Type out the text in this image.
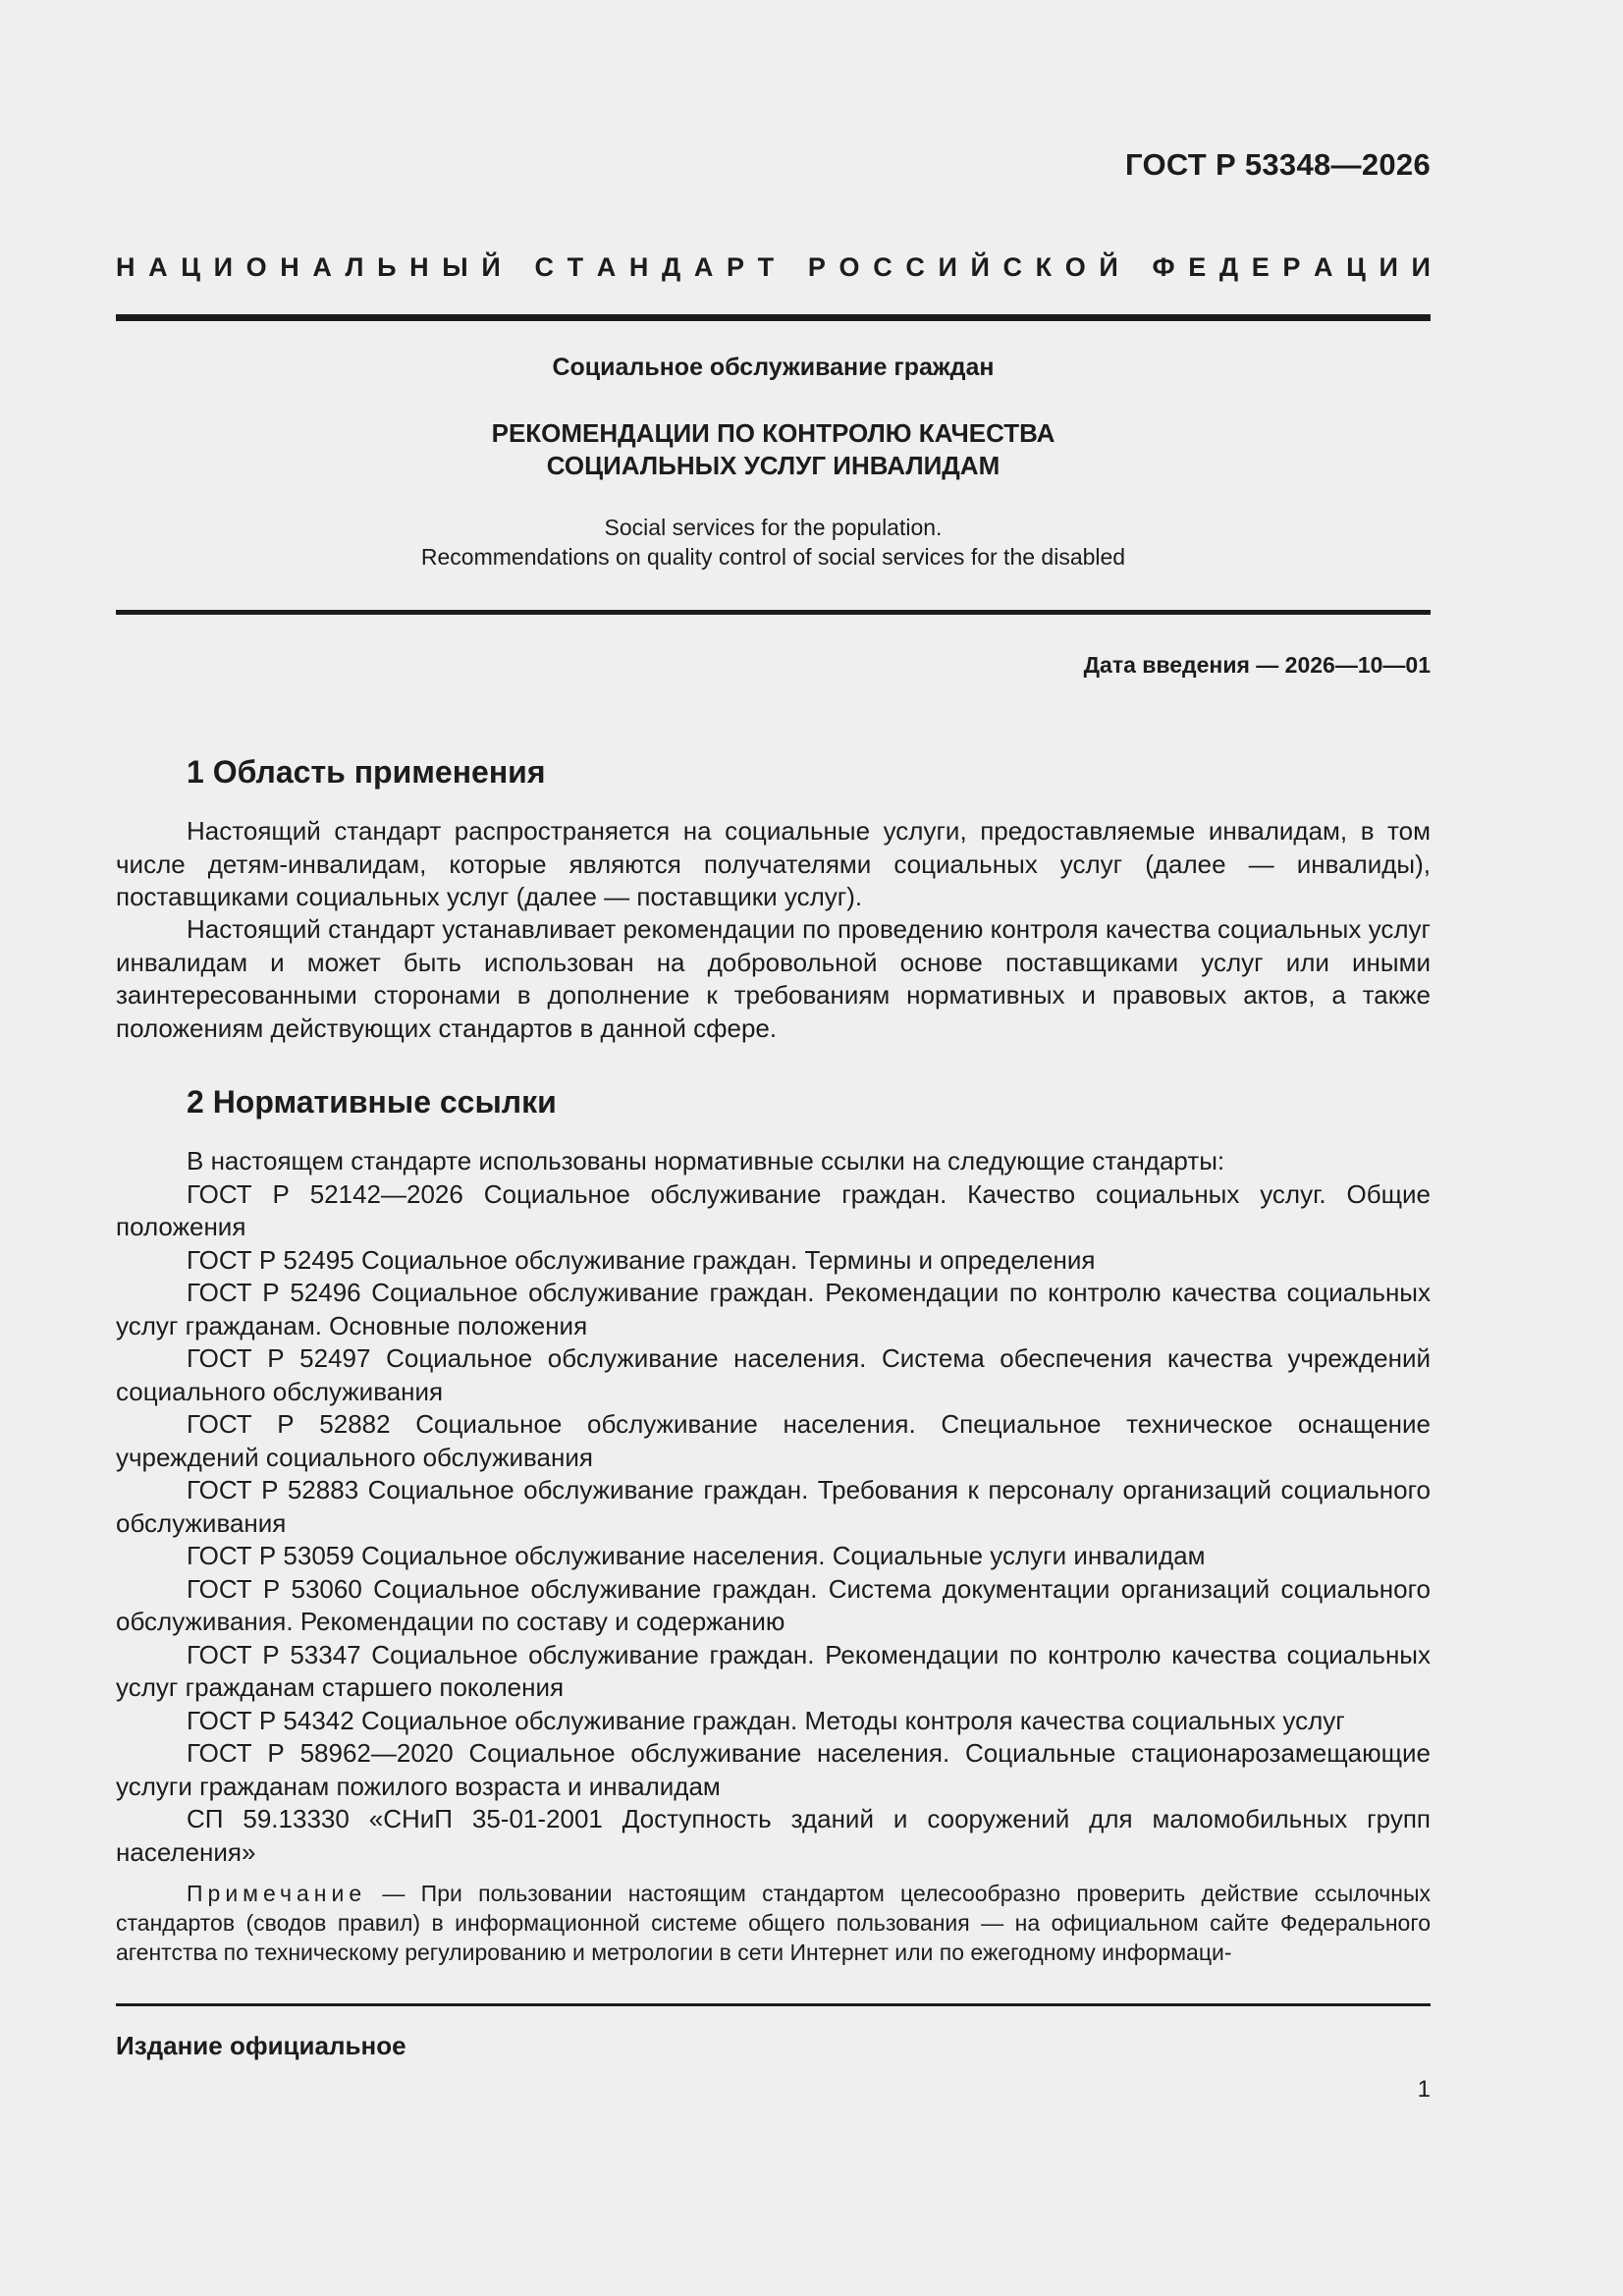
ГОСТ Р 53348—2026
Н А Ц И О Н А Л Ь Н Ы Й
С Т А Н Д А Р Т
Р О С С И Й С К О Й
Ф Е Д Е Р А Ц И И
Социальное обслуживание граждан
РЕКОМЕНДАЦИИ ПО КОНТРОЛЮ КАЧЕСТВА
СОЦИАЛЬНЫХ УСЛУГ ИНВАЛИДАМ
Social services for the population.
Recommendations on quality control of social services for the disabled
Дата введения — 2026—10—01
1 Область применения

Настоящий стандарт распространяется на социальные услуги, предоставляемые инвалидам, в том числе детям-инвалидам, которые являются получателями социальных услуг (далее — инвалиды), поставщиками социальных услуг (далее — поставщики услуг).

Настоящий стандарт устанавливает рекомендации по проведению контроля качества социальных услуг инвалидам и может быть использован на добровольной основе поставщиками услуг или иными заинтересованными сторонами в дополнение к требованиям нормативных и правовых актов, а также положениям действующих стандартов в данной сфере.

2 Нормативные ссылки

В настоящем стандарте использованы нормативные ссылки на следующие стандарты:

ГОСТ Р 52142—2026 Социальное обслуживание граждан. Качество социальных услуг. Общие положения

ГОСТ Р 52495 Социальное обслуживание граждан. Термины и определения

ГОСТ Р 52496 Социальное обслуживание граждан. Рекомендации по контролю качества социальных услуг гражданам. Основные положения

ГОСТ Р 52497 Социальное обслуживание населения. Система обеспечения качества учреждений социального обслуживания

ГОСТ Р 52882 Социальное обслуживание населения. Специальное техническое оснащение учреждений социального обслуживания

ГОСТ Р 52883 Социальное обслуживание граждан. Требования к персоналу организаций социального обслуживания

ГОСТ Р 53059 Социальное обслуживание населения. Социальные услуги инвалидам

ГОСТ Р 53060 Социальное обслуживание граждан. Система документации организаций социального обслуживания. Рекомендации по составу и содержанию

ГОСТ Р 53347 Социальное обслуживание граждан. Рекомендации по контролю качества социальных услуг гражданам старшего поколения

ГОСТ Р 54342 Социальное обслуживание граждан. Методы контроля качества социальных услуг

ГОСТ Р 58962—2020 Социальное обслуживание населения. Социальные стационарозамещающие услуги гражданам пожилого возраста и инвалидам

СП 59.13330 «СНиП 35-01-2001 Доступность зданий и сооружений для маломобильных групп населения»

Примечание — При пользовании настоящим стандартом целесообразно проверить действие ссылочных стандартов (сводов правил) в информационной системе общего пользования — на официальном сайте Федерального агентства по техническому регулированию и метрологии в сети Интернет или по ежегодному информаци-

Издание официальное
1
